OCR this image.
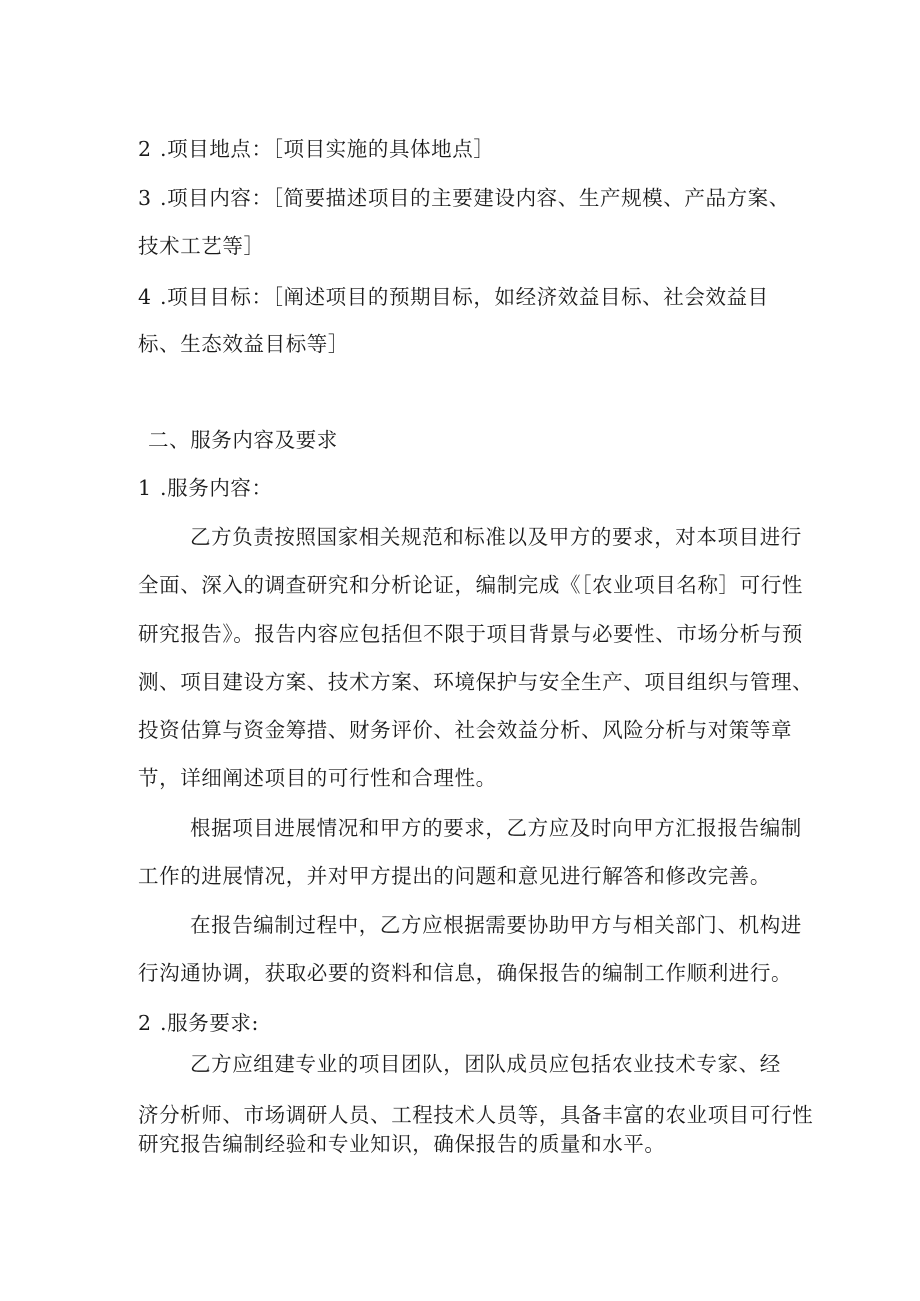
2 .项目地点：［项目实施的具体地点］
3 .项目内容：［简要描述项目的主要建设内容、生产规模、产品方案、
技术工艺等］
4 .项目目标：［阐述项目的预期目标，如经济效益目标、社会效益目
标、生态效益目标等］
二、服务内容及要求
1 .服务内容：
乙方负责按照国家相关规范和标准以及甲方的要求，对本项目进行
全面、深入的调查研究和分析论证，编制完成《［农业项目名称］可行性
研究报告》。报告内容应包括但不限于项目背景与必要性、市场分析与预
测、项目建设方案、技术方案、环境保护与安全生产、项目组织与管理、
投资估算与资金筹措、财务评价、社会效益分析、风险分析与对策等章
节，详细阐述项目的可行性和合理性。
根据项目进展情况和甲方的要求，乙方应及时向甲方汇报报告编制
工作的进展情况，并对甲方提出的问题和意见进行解答和修改完善。
在报告编制过程中，乙方应根据需要协助甲方与相关部门、机构进
行沟通协调，获取必要的资料和信息，确保报告的编制工作顺利进行。
2 .服务要求:
乙方应组建专业的项目团队，团队成员应包括农业技术专家、经
济分析师、市场调研人员、工程技术人员等，具备丰富的农业项目可行性
研究报告编制经验和专业知识，确保报告的质量和水平。
